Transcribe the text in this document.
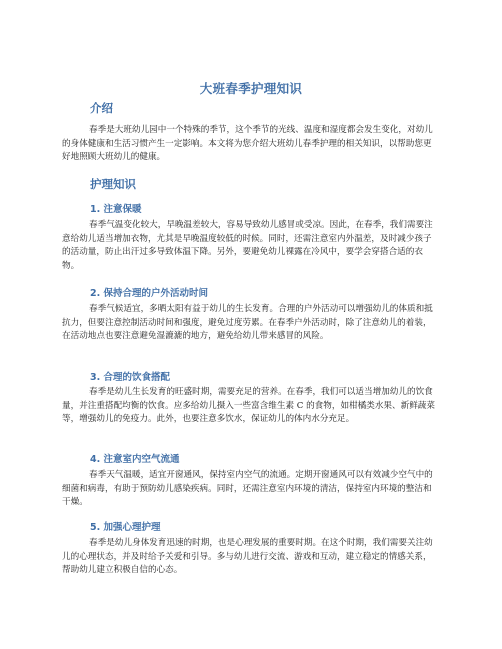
大班春季护理知识
介绍
春季是大班幼儿园中一个特殊的季节，这个季节的光线、温度和湿度都会发生变化，对幼儿的身体健康和生活习惯产生一定影响。本文将为您介绍大班幼儿春季护理的相关知识，以帮助您更好地照顾大班幼儿的健康。
护理知识
1. 注意保暖
春季气温变化较大，早晚温差较大，容易导致幼儿感冒或受凉。因此，在春季，我们需要注意给幼儿适当增加衣物，尤其是早晚温度较低的时候。同时，还需注意室内外温差，及时减少孩子的活动量，防止出汗过多导致体温下降。另外，要避免幼儿裸露在冷风中，要学会穿搭合适的衣物。
2. 保持合理的户外活动时间
春季气候适宜，多晒太阳有益于幼儿的生长发育。合理的户外活动可以增强幼儿的体质和抵抗力，但要注意控制活动时间和强度，避免过度劳累。在春季户外活动时，除了注意幼儿的着装，在活动地点也要注意避免湿漉漉的地方，避免给幼儿带来感冒的风险。
3. 合理的饮食搭配
春季是幼儿生长发育的旺盛时期，需要充足的营养。在春季，我们可以适当增加幼儿的饮食量，并注重搭配均衡的饮食。应多给幼儿摄入一些富含维生素 C 的食物，如柑橘类水果、新鲜蔬菜等，增强幼儿的免疫力。此外，也要注意多饮水，保证幼儿的体内水分充足。
4. 注意室内空气流通
春季天气温暖，适宜开窗通风，保持室内空气的流通。定期开窗通风可以有效减少空气中的细菌和病毒，有助于预防幼儿感染疾病。同时，还需注意室内环境的清洁，保持室内环境的整洁和干燥。
5. 加强心理护理
春季是幼儿身体发育迅速的时期，也是心理发展的重要时期。在这个时期，我们需要关注幼儿的心理状态，并及时给予关爱和引导。多与幼儿进行交流、游戏和互动，建立稳定的情感关系，帮助幼儿建立积极自信的心态。
